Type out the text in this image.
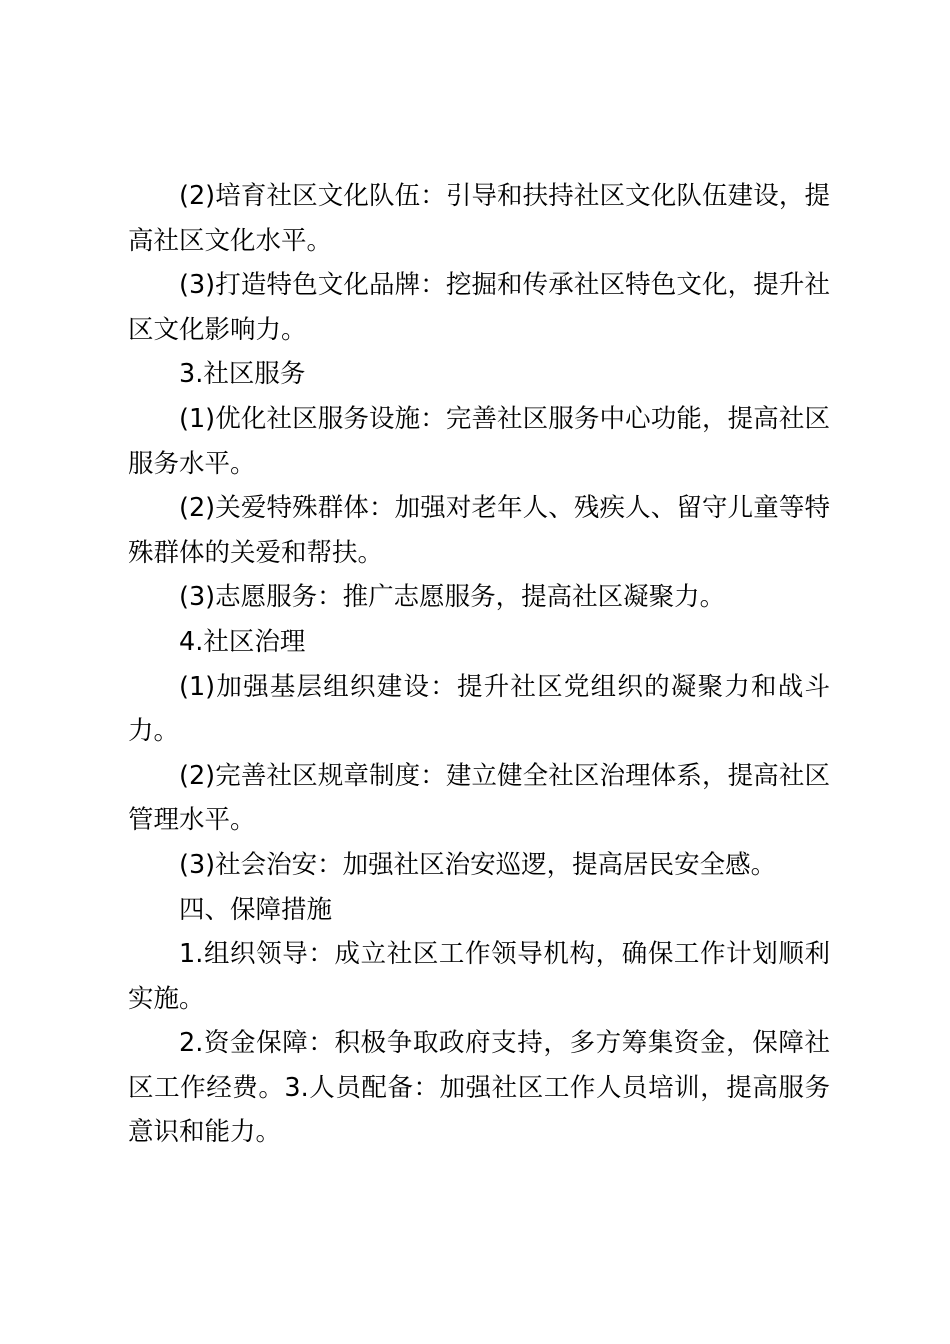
(2)培育社区文化队伍：引导和扶持社区文化队伍建设，提高社区文化水平。

(3)打造特色文化品牌：挖掘和传承社区特色文化，提升社区文化影响力。

3.社区服务

(1)优化社区服务设施：完善社区服务中心功能，提高社区服务水平。

(2)关爱特殊群体：加强对老年人、残疾人、留守儿童等特殊群体的关爱和帮扶。

(3)志愿服务：推广志愿服务，提高社区凝聚力。

4.社区治理

(1)加强基层组织建设：提升社区党组织的凝聚力和战斗力。

(2)完善社区规章制度：建立健全社区治理体系，提高社区管理水平。

(3)社会治安：加强社区治安巡逻，提高居民安全感。

四、保障措施

1.组织领导：成立社区工作领导机构，确保工作计划顺利实施。

2.资金保障：积极争取政府支持，多方筹集资金，保障社区工作经费。3.人员配备：加强社区工作人员培训，提高服务意识和能力。
